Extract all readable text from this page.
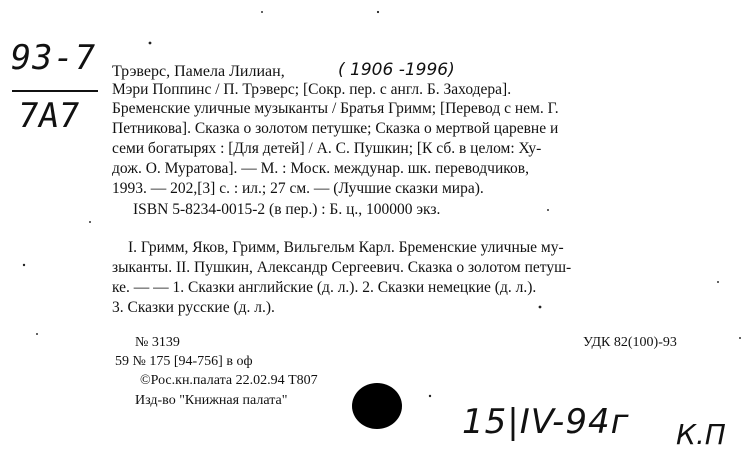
93-7
7A7
Трэверс, Памела Лилиан,	( 1906 -1996)
Мэри Поппинс / П. Трэверс; [Сокр. пер. с англ. Б. Заходера].
Бременские уличные музыканты / Братья Гримм; [Перевод с нем. Г.
Петникова]. Сказка о золотом петушке; Сказка о мертвой царевне и
семи богатырях : [Для детей] / А. С. Пушкин; [К сб. в целом: Ху-
дож. О. Муратова]. — М. : Моск. междунар. шк. переводчиков,
1993. — 202,[3] с. : ил.; 27 см. — (Лучшие сказки мира).
ISBN 5-8234-0015-2 (в пер.) : Б. ц., 100000 экз.
I. Гримм, Яков, Гримм, Вильгельм Карл. Бременские уличные му-
зыканты. II. Пушкин, Александр Сергеевич. Сказка о золотом петуш-
ке. — — 1. Сказки английские (д. л.). 2. Сказки немецкие (д. л.).
3. Сказки русские (д. л.).
№ 3139	УДК 82(100)-93
59 № 175 [94-756] в оф
©Рос.кн.палата 22.02.94 Т807
Изд-во "Книжная палата"
15|IV-94г К.П
